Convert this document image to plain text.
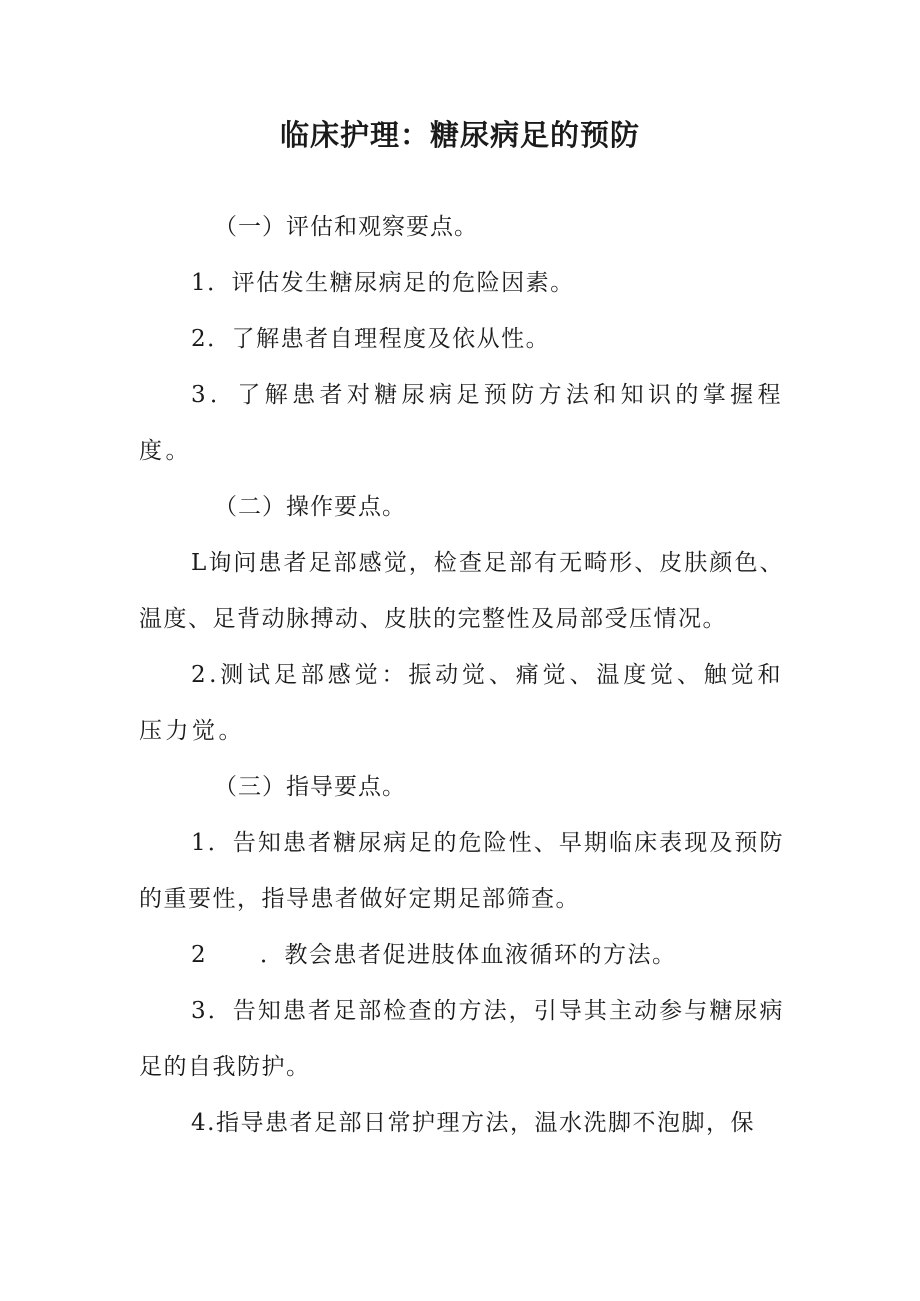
临床护理：糖尿病足的预防

（一）评估和观察要点。

1．评估发生糖尿病足的危险因素。

2．了解患者自理程度及依从性。

3．了解患者对糖尿病足预防方法和知识的掌握程度。

（二）操作要点。

L询问患者足部感觉，检查足部有无畸形、皮肤颜色、温度、足背动脉搏动、皮肤的完整性及局部受压情况。

2.测试足部感觉：振动觉、痛觉、温度觉、触觉和压力觉。

（三）指导要点。

1．告知患者糖尿病足的危险性、早期临床表现及预防的重要性，指导患者做好定期足部筛查。

2      ．教会患者促进肢体血液循环的方法。

3．告知患者足部检查的方法，引导其主动参与糖尿病足的自我防护。

4.指导患者足部日常护理方法，温水洗脚不泡脚，保
